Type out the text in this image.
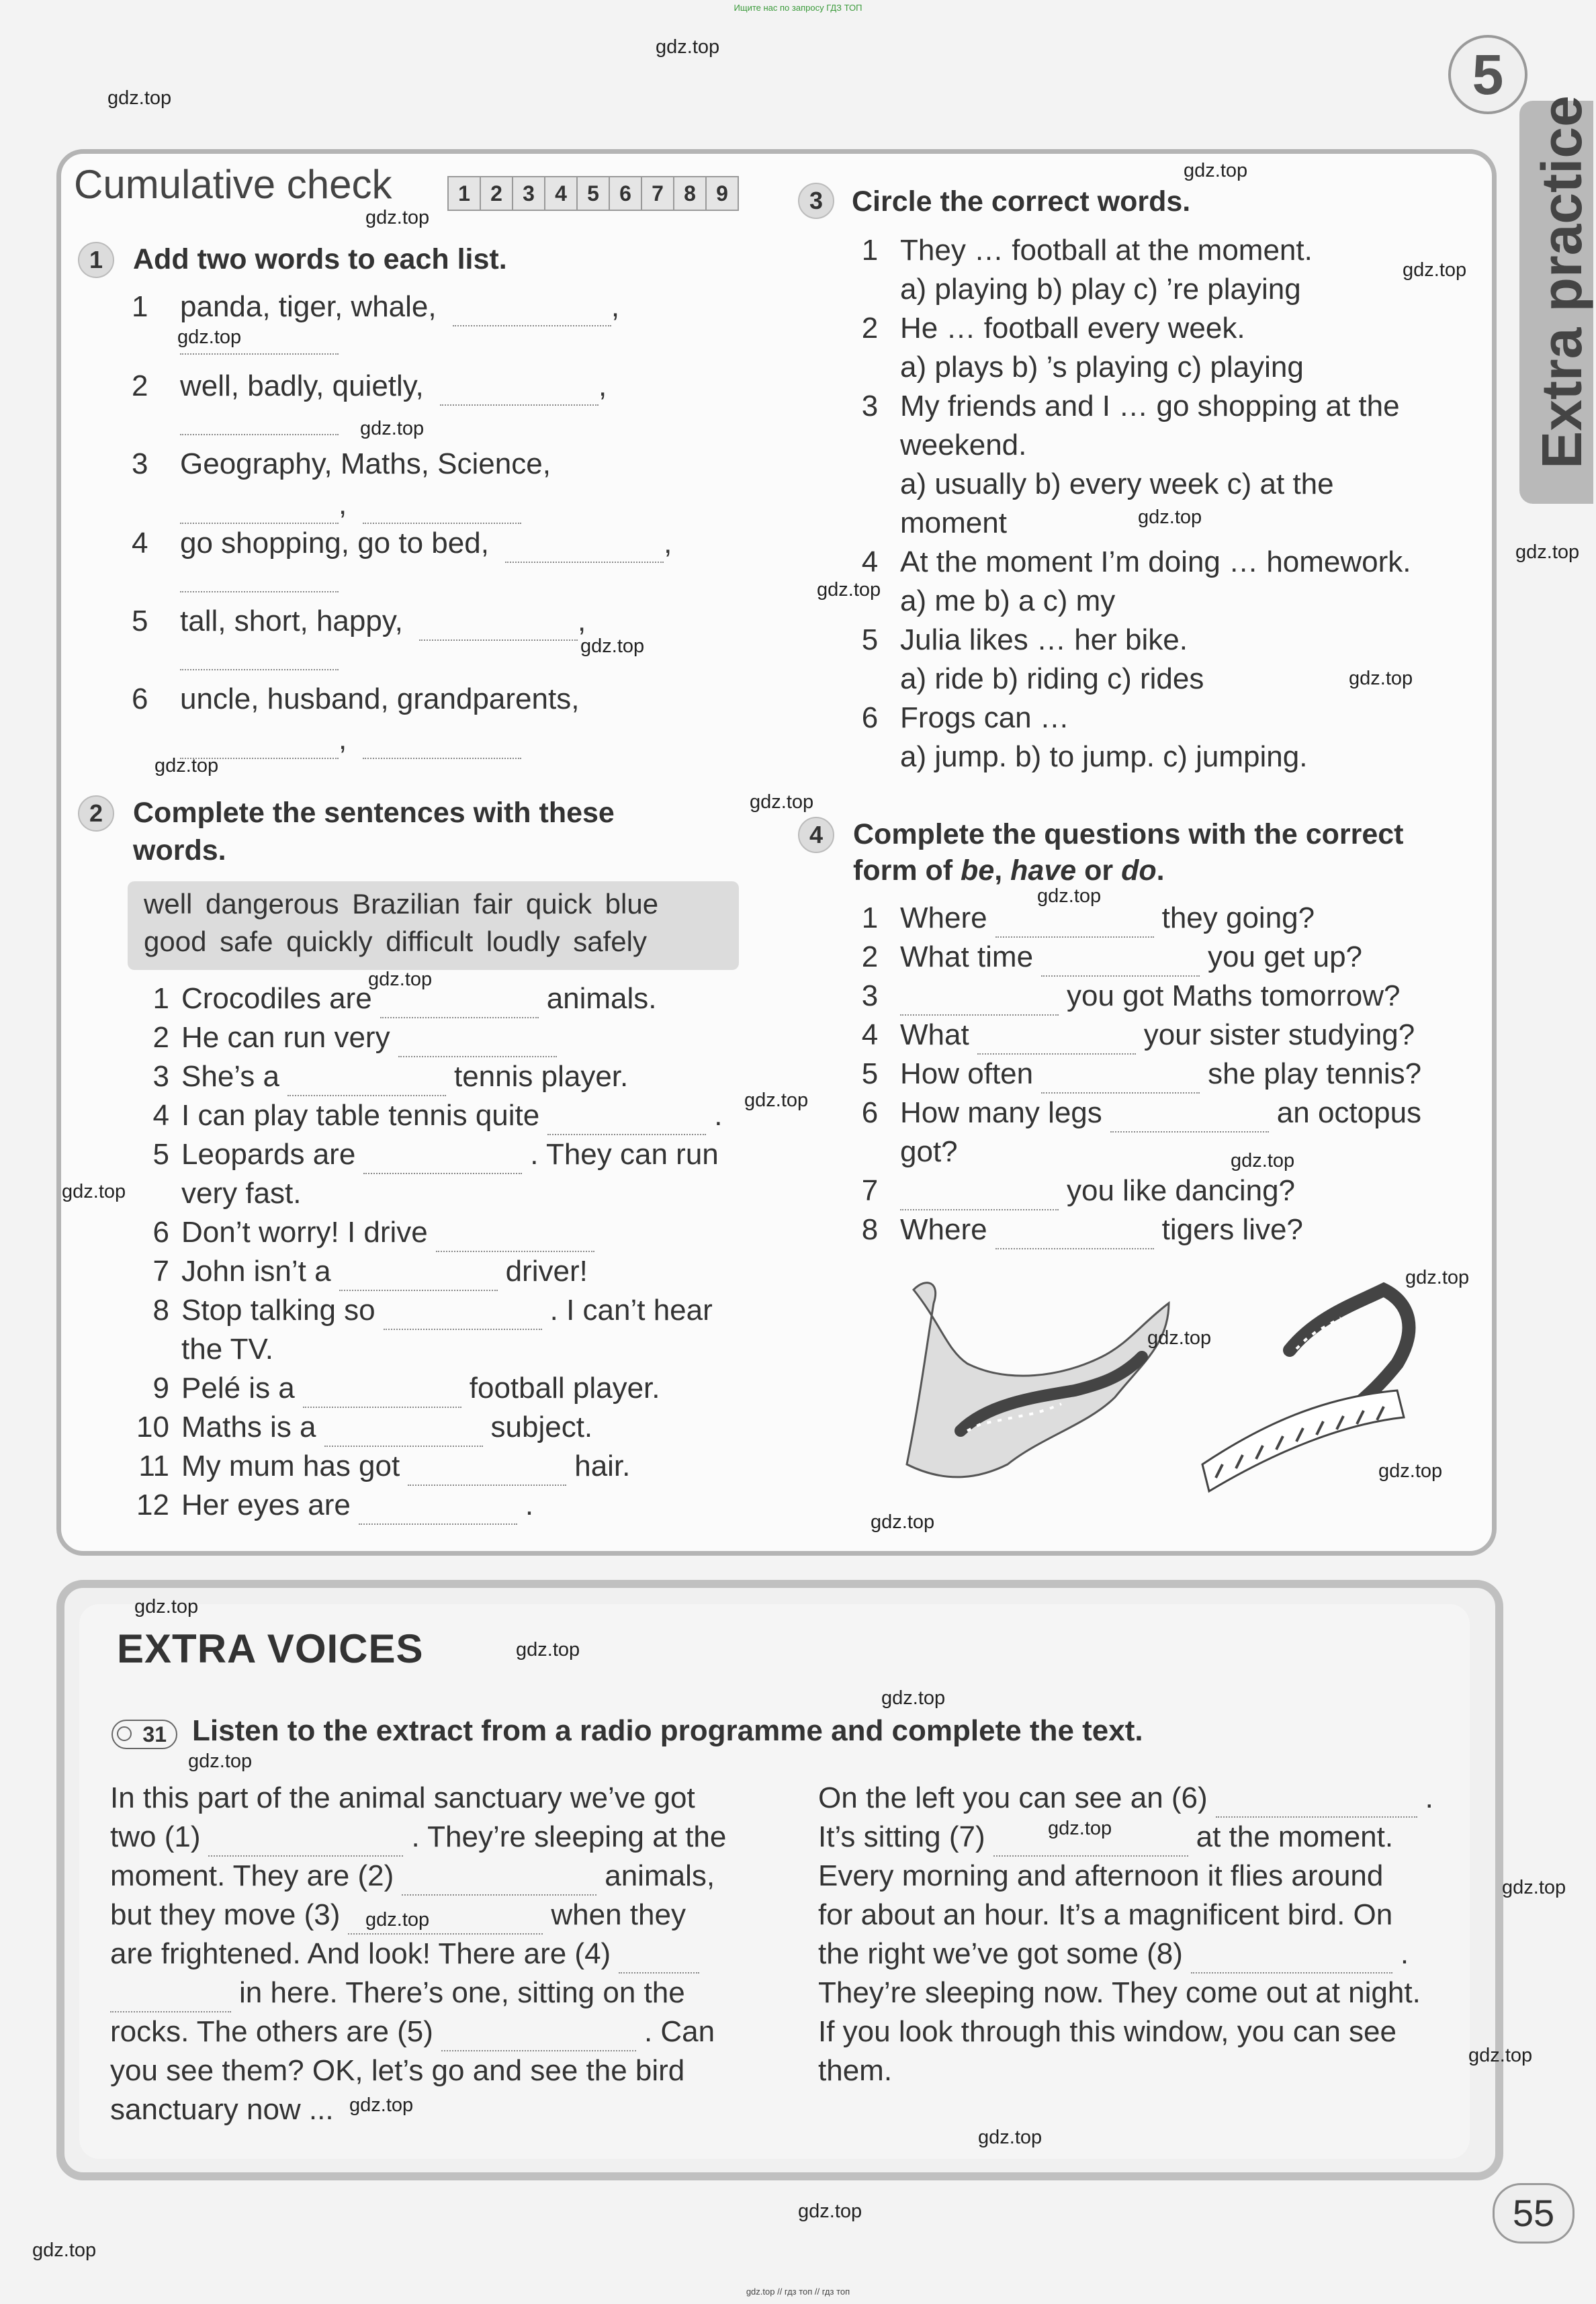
Ищите нас по запросу ГДЗ ТОП
gdz.top // гдз топ // гдз топ
Extra practice
5
Cumulative check	1 2 3 4 5 6 7 8 9
1	Add two words to each list.
1 panda, tiger, whale,	,
2 well, badly, quietly,	,
3 Geography, Maths, Science,
,
4 go shopping, go to bed,	,
5 tall, short, happy,	,
6 uncle, husband, grandparents,
,
2	Complete the sentences with these
words.
well dangerous Brazilian fair quick blue
good safe quickly difficult loudly safely
1 Crocodiles are	animals.
2 He can run very
3 She’s a	tennis player.
4 I can play table tennis quite	.
5 Leopards are	. They can run
very fast.
6 Don’t worry! I drive
7 John isn’t a	driver!
8 Stop talking so	. I can’t hear
the TV.
9 Pelé is a	football player.
10 Maths is a	subject.
11 My mum has got	hair.
12 Her eyes are	.
3 Circle the correct words.
1 They … football at the moment.
a) playing b) play c) ’re playing
2 He … football every week.
a) plays b) ’s playing c) playing
3 My friends and I … go shopping at the
weekend.
a) usually b) every week c) at the
moment
4 At the moment I’m doing … homework.
a) me b) a c) my
5 Julia likes … her bike.
a) ride b) riding c) rides
6 Frogs can …
a) jump. b) to jump. c) jumping.
4	Complete the questions with the correct
form of be, have or do.
1 Where	they going?
2 What time	you get up?
3	you got Maths tomorrow?
4 What	your sister studying?
5 How often	she play tennis?
6 How many legs	an octopus
got?
7	you like dancing?
8 Where	tigers live?
EXTRA VOICES
31 Listen to the extract from a radio programme and complete the text.
In this part of the animal sanctuary we’ve got
two (1)	. They’re sleeping at the
moment. They are (2)	animals,
but they move (3)	when they
are frightened. And look! There are (4)
in here. There’s one, sitting on the
rocks. The others are (5)	. Can
you see them? OK, let’s go and see the bird
sanctuary now ...
On the left you can see an (6)	.
It’s sitting (7)	at the moment.
Every morning and afternoon it flies around
for about an hour. It’s a magnificent bird. On
the right we’ve got some (8)	.
They’re sleeping now. They come out at night.
If you look through this window, you can see
them.
55
gdz.top
gdz.top
gdz.top
gdz.top
gdz.top
gdz.top
gdz.top
gdz.top
gdz.top
gdz.top
gdz.top
gdz.top
gdz.top
gdz.top
gdz.top
gdz.top
gdz.top
gdz.top
gdz.top
gdz.top
gdz.top
gdz.top
gdz.top
gdz.top
gdz.top
gdz.top
gdz.top
gdz.top
gdz.top
gdz.top
gdz.top
gdz.top
gdz.top
gdz.top
gdz.top
